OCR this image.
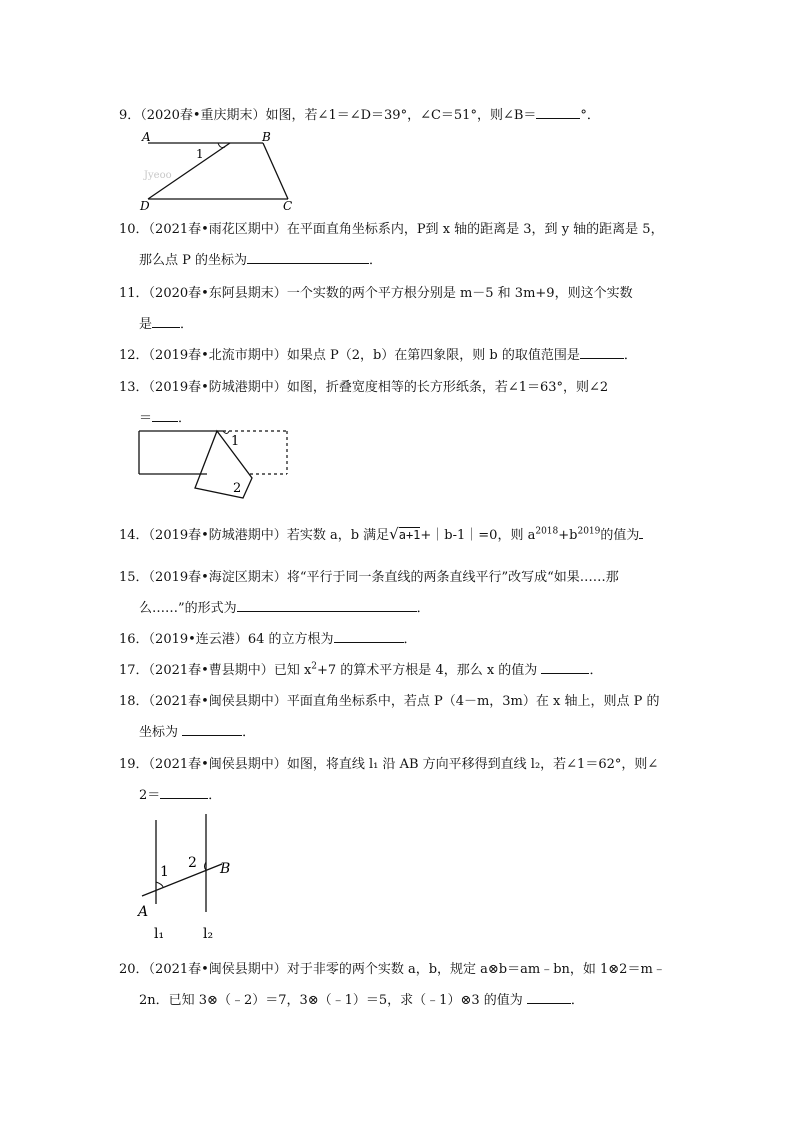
9．（2020春•重庆期末）如图，若∠1＝∠D＝39°，∠C＝51°，则∠B＝	°．
A	B
C
D
1
Jyeoo
10．（2021春•雨花区期中）在平面直角坐标系内，P到 x 轴的距离是 3，到 y 轴的距离是 5，
那么点 P 的坐标为	．
11．（2020春•东阿县期末）一个实数的两个平方根分别是 m－5 和 3m+9，则这个实数
是 ．
12．（2019春•北流市期中）如果点 P（2，b）在第四象限，则 b 的取值范围是	．
13．（2019春•防城港期中）如图，折叠宽度相等的长方形纸条，若∠1＝63°，则∠2
＝ ．
1
2
14．（2019春•防城港期中）若实数 a，b 满足√a+1+｜b-1｜=0，则 $a^{2018}+b^{2019}$的值为
15．（2019春•海淀区期末）将“平行于同一条直线的两条直线平行”改写成“如果……那
么……”的形式为	．
16．（2019•连云港）64 的立方根为	．
17．（2021春•曹县期中）已知 $x^2+7$ 的算术平方根是 4，那么 x 的值为	．
18．（2021春•闽侯县期中）平面直角坐标系中，若点 P（4－m，3m）在 x 轴上，则点 P 的
坐标为	．
19．（2021春•闽侯县期中）如图，将直线 l₁ 沿 AB 方向平移得到直线 l₂，若∠1＝62°，则∠
2＝	．
1
2
A
B
l₁	l₂
20．（2021春•闽侯县期中）对于非零的两个实数 a，b，规定 a⊗b＝am﹣bn，如 1⊗2＝m﹣
2n．已知 3⊗（﹣2）＝7，3⊗（﹣1）＝5，求（﹣1）⊗3 的值为	．
